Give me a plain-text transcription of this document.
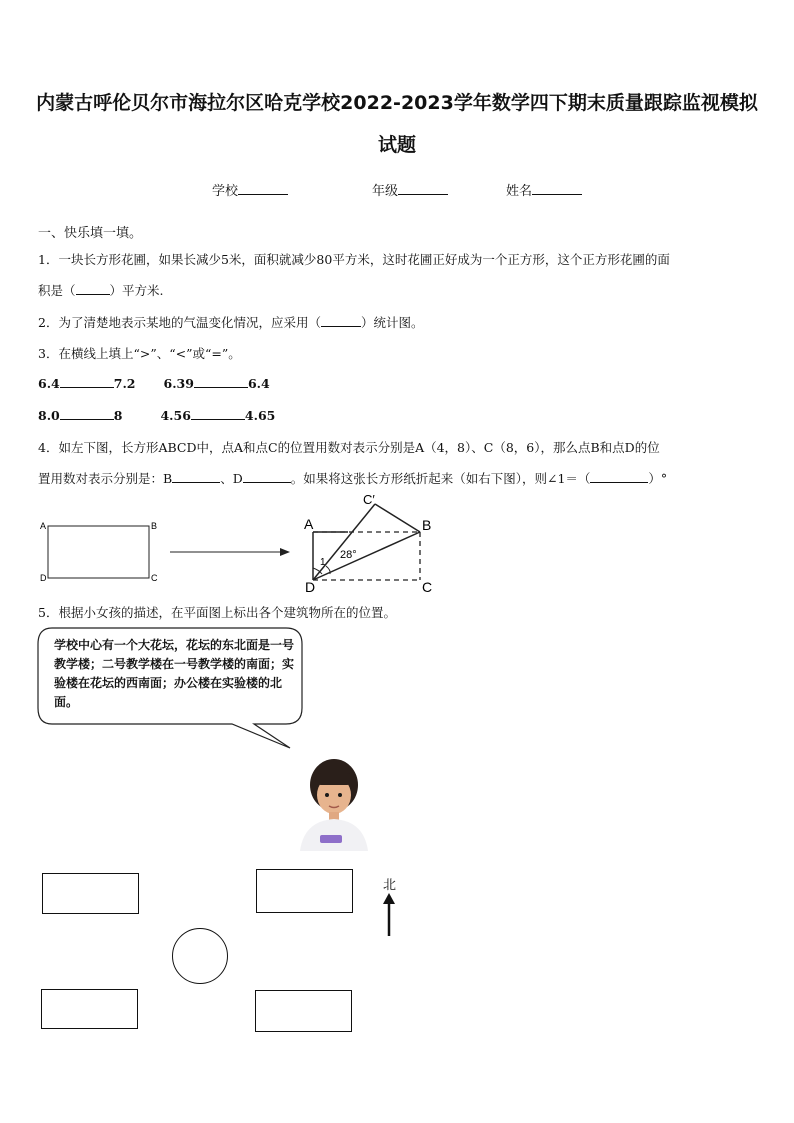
内蒙古呼伦贝尔市海拉尔区哈克学校2022-2023学年数学四下期末质量跟踪监视模拟
试题
学校	年级	姓名
一、快乐填一填。
1．一块长方形花圃，如果长减少5米，面积就减少80平方米，这时花圃正好成为一个正方形，这个正方形花圃的面
积是（	）平方米.
2．为了清楚地表示某地的气温变化情况，应采用（	）统计图。
3．在横线上填上“>”、“<”或“=”。
6.4	7.2 6.39	6.4
8.0	8	4.56	4.65
4．如左下图，长方形ABCD中，点A和点C的位置用数对表示分别是A（4，8）、C（8，6），那么点B和点D的位
置用数对表示分别是：B	、D	。如果将这张长方形纸折起来（如右下图），则∠1＝（	）°
A	B
D	C
A	B
D	C
C′
1
28°
5．根据小女孩的描述，在平面图上标出各个建筑物所在的位置。
学校中心有一个大花坛，花坛的东北面是一号教学楼；二号教学楼在一号教学楼的南面；实验楼在花坛的西南面；办公楼在实验楼的北面。
北
